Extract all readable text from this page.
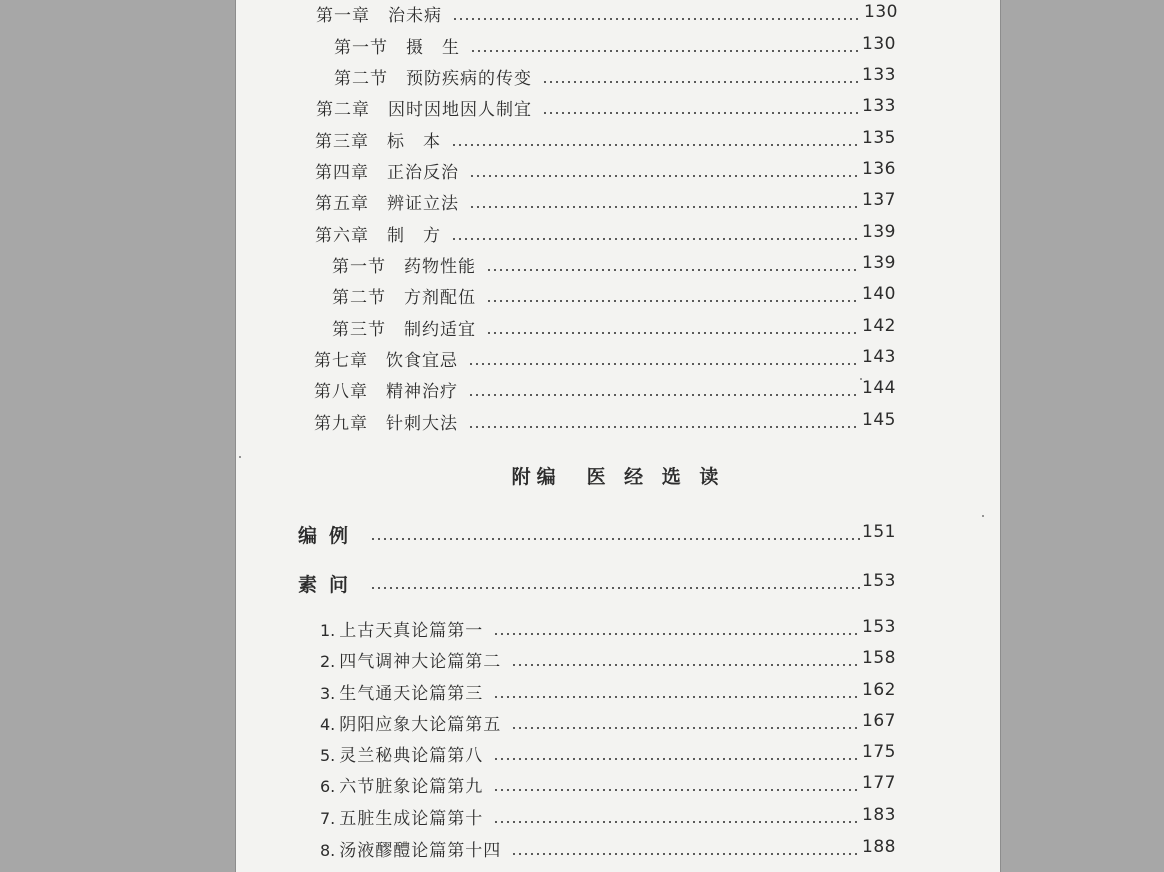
第一章　治未病	130
第一节　摄　生	130
第二节　预防疾病的传变	133
第二章　因时因地因人制宜	133
第三章　标　本	135
第四章　正治反治	136
第五章　辨证立法	137
第六章　制　方	139
第一节　药物性能	139
第二节　方剂配伍	140
第三节　制约适宜	142
第七章　饮食宜忌	143
第八章　精神治疗	144
第九章　针刺大法	145
附编　医 经 选 读
编例	151
素问	153
1. 上古天真论篇第一	153
2. 四气调神大论篇第二	158
3. 生气通天论篇第三	162
4. 阴阳应象大论篇第五	167
5. 灵兰秘典论篇第八	175
6. 六节脏象论篇第九	177
7. 五脏生成论篇第十	183
8. 汤液醪醴论篇第十四	188
